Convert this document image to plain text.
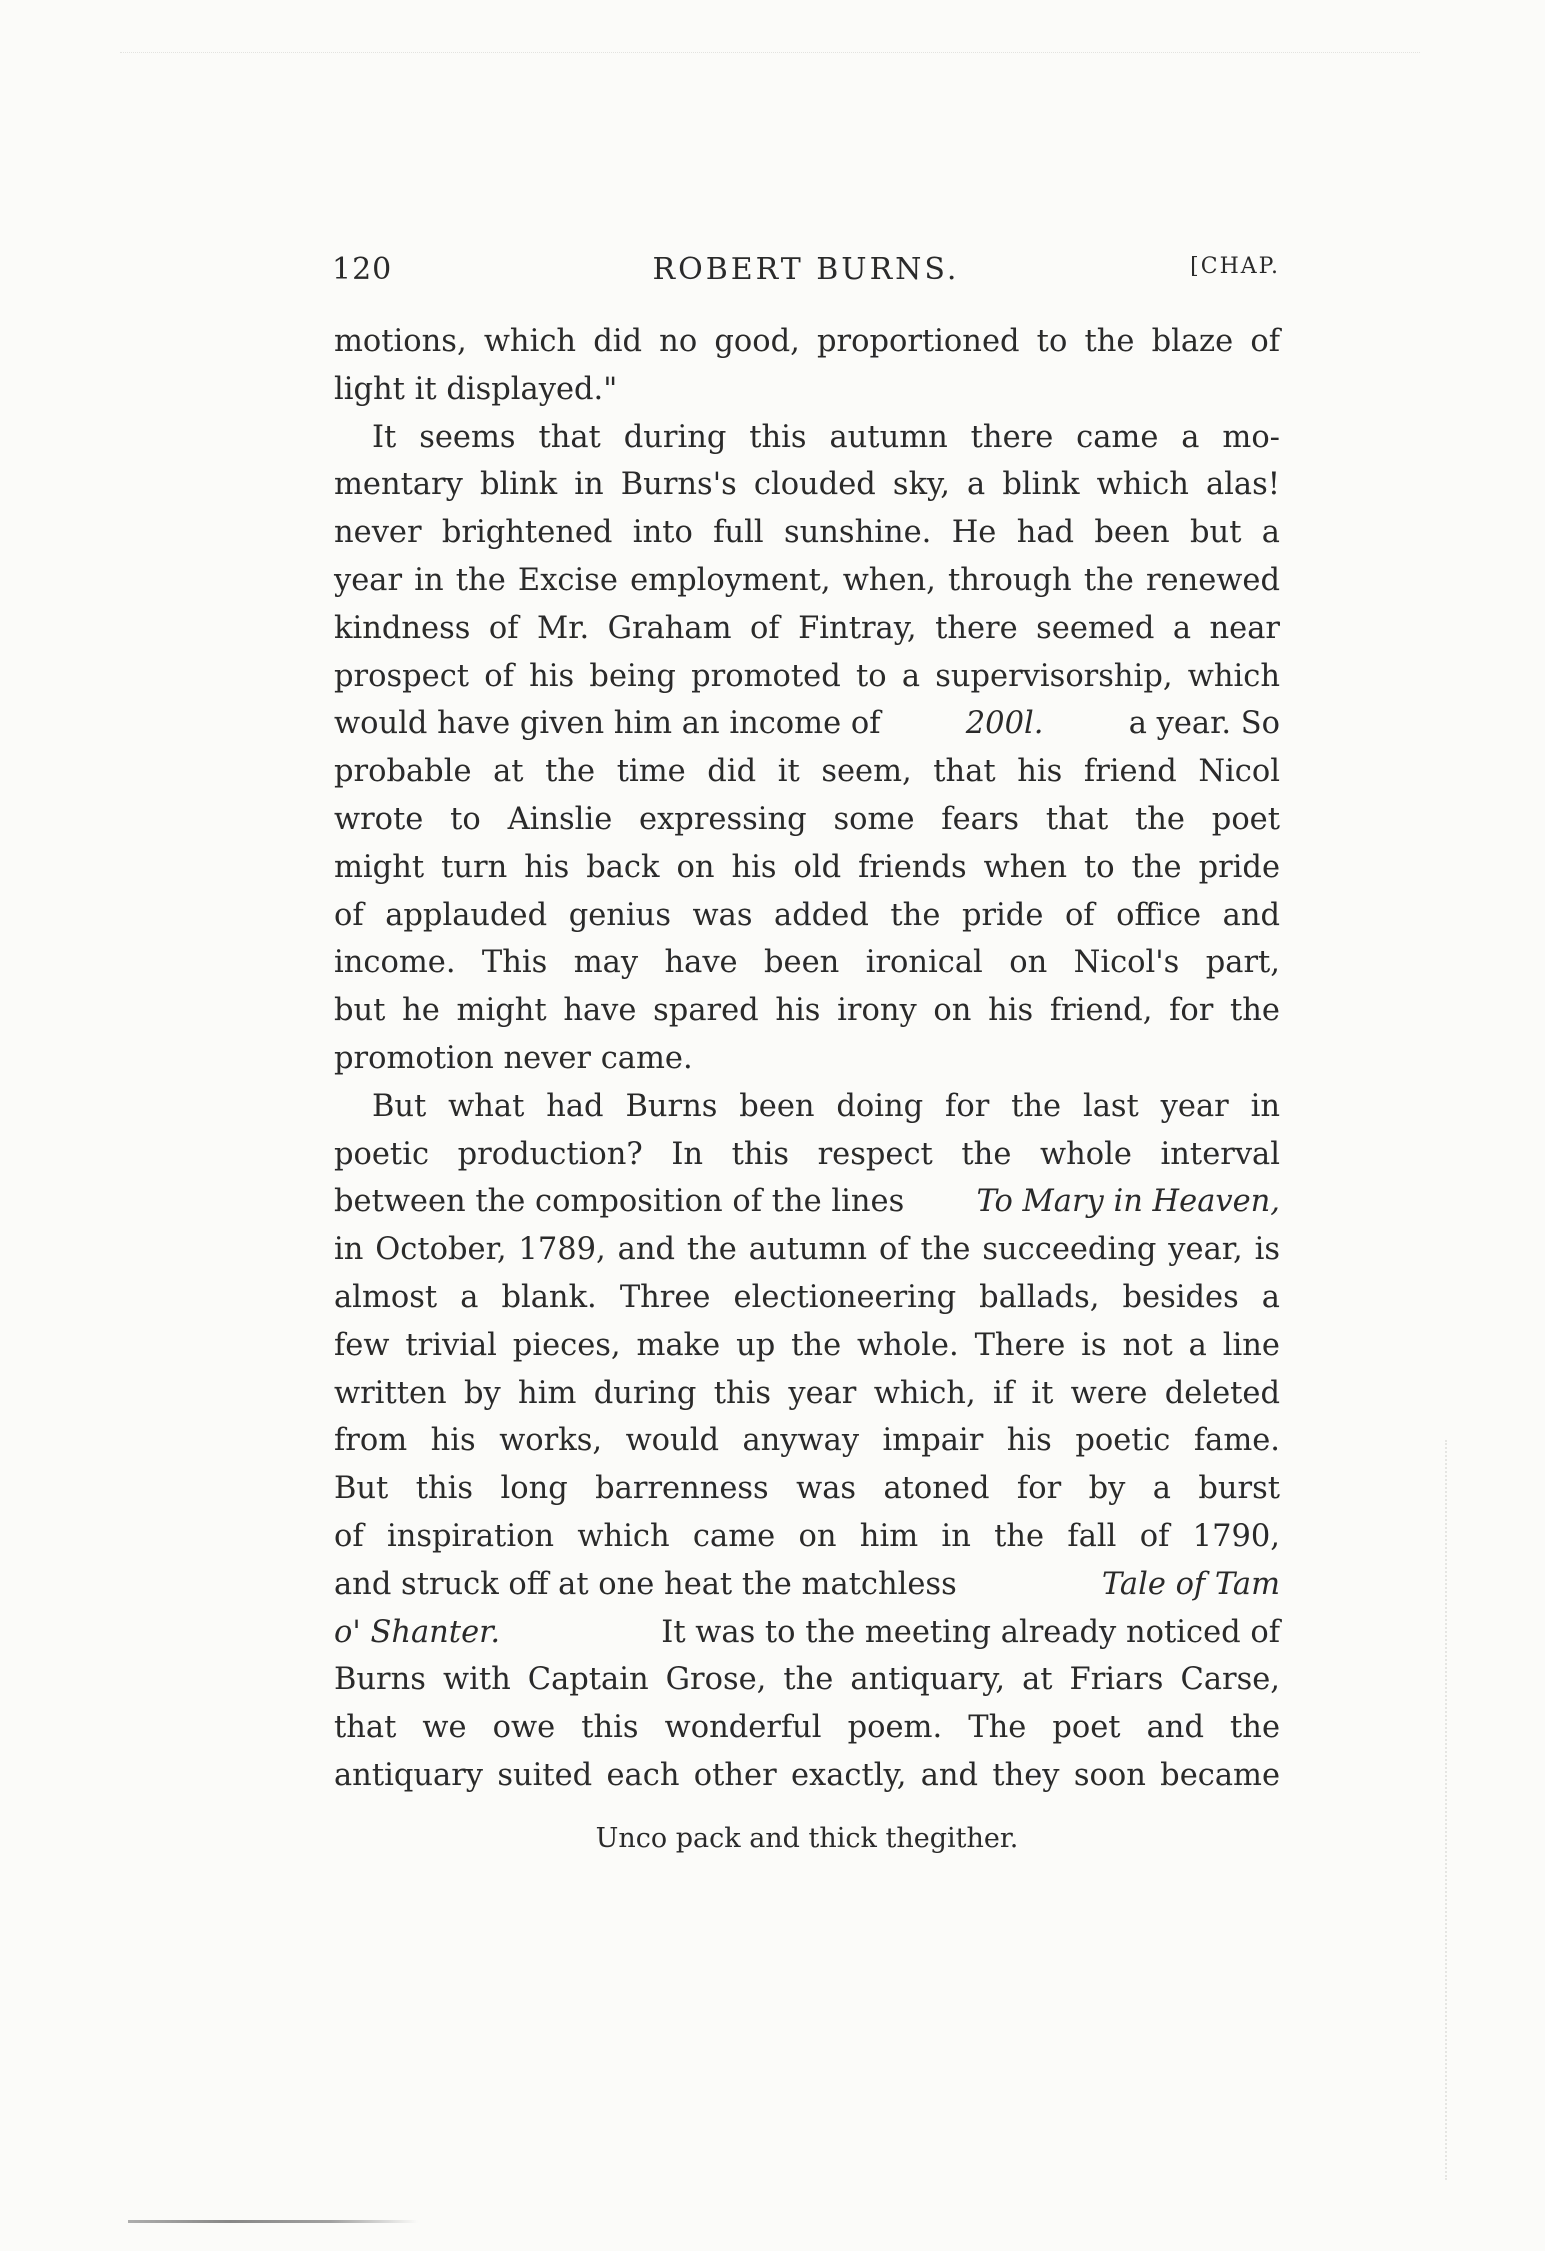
120	ROBERT BURNS.	[CHAP.

motions, which did no good, proportioned to the blaze of
light it displayed."

It seems that during this autumn there came a mo-
mentary blink in Burns's clouded sky, a blink which alas!
never brightened into full sunshine. He had been but a
year in the Excise employment, when, through the renewed
kindness of Mr. Graham of Fintray, there seemed a near
prospect of his being promoted to a supervisorship, which
would have given him an income of	200l.	a year. So
probable at the time did it seem, that his friend Nicol
wrote to Ainslie expressing some fears that the poet
might turn his back on his old friends when to the pride
of applauded genius was added the pride of office and
income. This may have been ironical on Nicol's part,
but he might have spared his irony on his friend, for the
promotion never came.

But what had Burns been doing for the last year in
poetic production? In this respect the whole interval
between the composition of the lines To Mary in Heaven,
in October, 1789, and the autumn of the succeeding year, is
almost a blank. Three electioneering ballads, besides a
few trivial pieces, make up the whole. There is not a line
written by him during this year which, if it were deleted
from his works, would anyway impair his poetic fame.
But this long barrenness was atoned for by a burst
of inspiration which came on him in the fall of 1790,
and struck off at one heat the matchless	Tale of Tam
o' Shanter.	It was to the meeting already noticed of
Burns with Captain Grose, the antiquary, at Friars Carse,
that we owe this wonderful poem. The poet and the
antiquary suited each other exactly, and they soon became

Unco pack and thick thegither.
